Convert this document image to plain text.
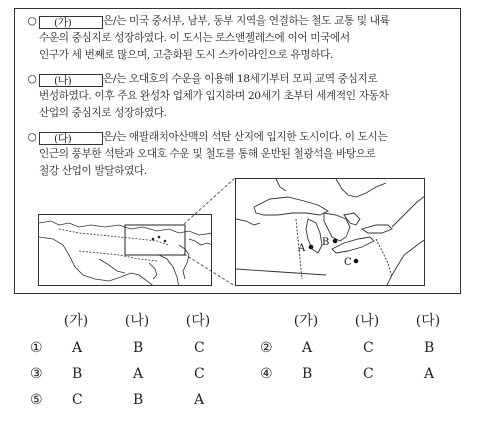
○ (가)	은/는 미국 중서부, 남부, 동부 지역을 연결하는 철도 교통 및 내륙
수운의 중심지로 성장하였다. 이 도시는 로스앤젤레스에 이어 미국에서
인구가 세 번째로 많으며, 고층화된 도시 스카이라인으로 유명하다.
○ (나)	은/는 오대호의 수운을 이용해 18세기부터 모피 교역 중심지로
번성하였다. 이후 주요 완성차 업체가 입지하며 20세기 초부터 세계적인 자동차
산업의 중심지로 성장하였다.
○ (다)	은/는 애팔래치아산맥의 석탄 산지에 입지한 도시이다. 이 도시는
인근의 풍부한 석탄과 오대호 수운 및 철도를 통해 운반된 철광석을 바탕으로
철강 산업이 발달하였다.
A
B
C
(가)	(나)	(다)	(가)	(나)	(다)
① A	B	C	② A	C	B
③ B	A	C	④ B	C	A
⑤ C	B	A
